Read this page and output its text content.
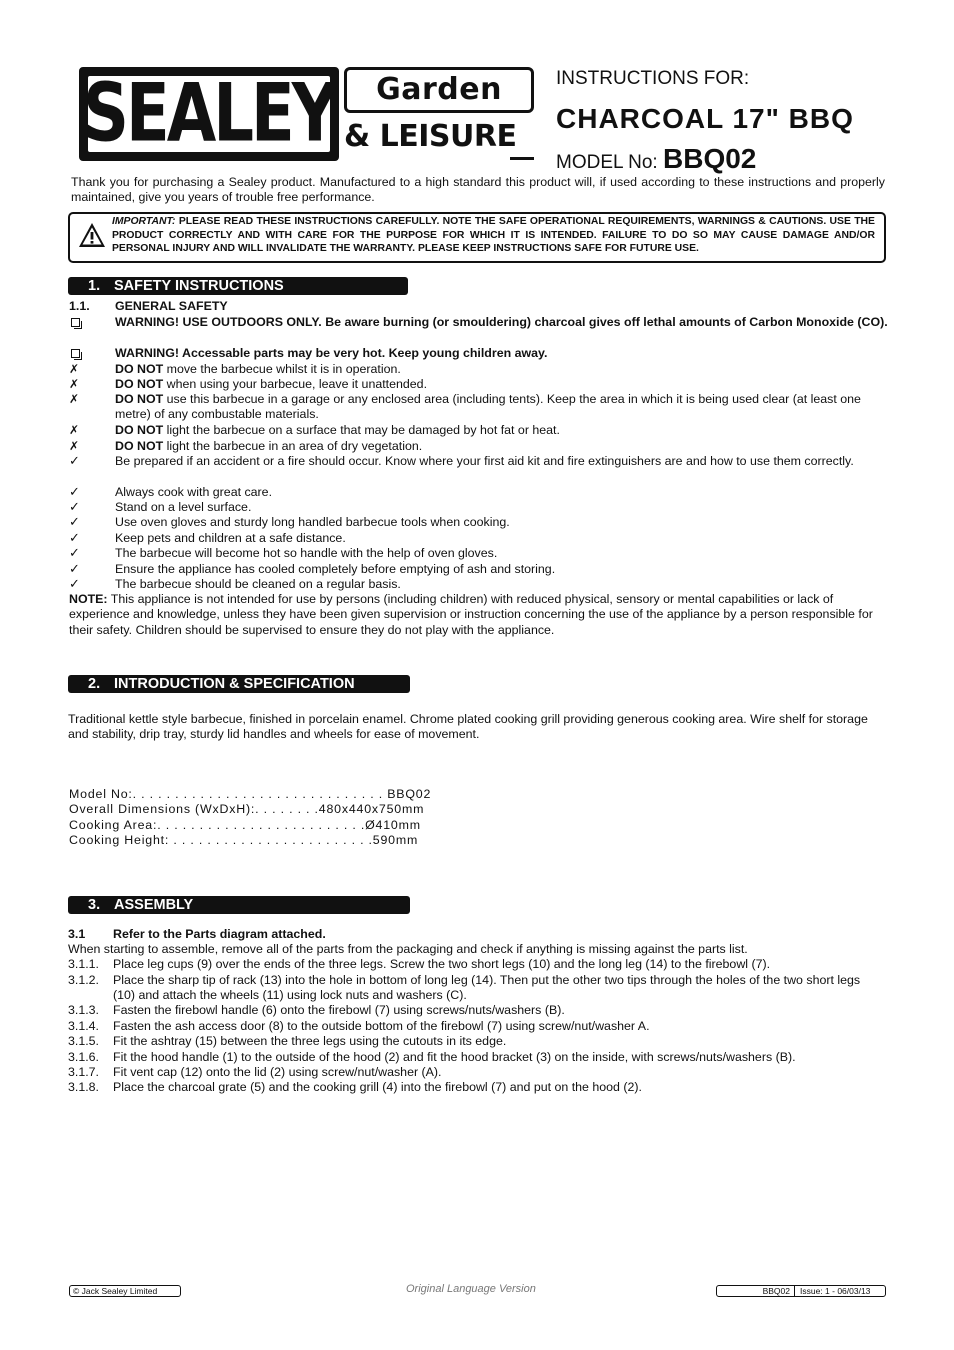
SEALEY Garden
& LEISURE
INSTRUCTIONS FOR:
CHARCOAL 17" BBQ
MODEL No: BBQ02
Thank you for purchasing a Sealey product. Manufactured to a high standard this product will, if used according to these instructions and properly maintained, give you years of trouble free performance.
IMPORTANT: PLEASE READ THESE INSTRUCTIONS CAREFULLY. NOTE THE SAFE OPERATIONAL REQUIREMENTS, WARNINGS & CAUTIONS. USE THE PRODUCT CORRECTLY AND WITH CARE FOR THE PURPOSE FOR WHICH IT IS INTENDED. FAILURE TO DO SO MAY CAUSE DAMAGE AND/OR PERSONAL INJURY AND WILL INVALIDATE THE WARRANTY. PLEASE KEEP INSTRUCTIONS SAFE FOR FUTURE USE.
1. SAFETY INSTRUCTIONS
1.1.	GENERAL SAFETY
WARNING! USE OUTDOORS ONLY. Be aware burning (or smouldering) charcoal gives off lethal amounts of Carbon Monoxide (CO).
WARNING! Accessable parts may be very hot. Keep young children away.
✗	DO NOT move the barbecue whilst it is in operation.
✗	DO NOT when using your barbecue, leave it unattended.
✗	DO NOT use this barbecue in a garage or any enclosed area (including tents). Keep the area in which it is being used clear (at least one metre) of any combustable materials.
✗	DO NOT light the barbecue on a surface that may be damaged by hot fat or heat.
✗	DO NOT light the barbecue in an area of dry vegetation.
✓	Be prepared if an accident or a fire should occur. Know where your first aid kit and fire extinguishers are and how to use them correctly.
✓	Always cook with great care.
✓	Stand on a level surface.
✓	Use oven gloves and sturdy long handled barbecue tools when cooking.
✓	Keep pets and children at a safe distance.
✓	The barbecue will become hot so handle with the help of oven gloves.
✓	Ensure the appliance has cooled completely before emptying of ash and storing.
✓	The barbecue should be cleaned on a regular basis.
NOTE: This appliance is not intended for use by persons (including children) with reduced physical, sensory or mental capabilities or lack of experience and knowledge, unless they have been given supervision or instruction concerning the use of the appliance by a person responsible for their safety. Children should be supervised to ensure they do not play with the appliance.
2. INTRODUCTION & SPECIFICATION
Traditional kettle style barbecue, finished in porcelain enamel. Chrome plated cooking grill providing generous cooking area. Wire shelf for storage and stability, drip tray, sturdy lid handles and wheels for ease of movement.
Model No:. . . . . . . . . . . . . . . . . . . . . . . . . . . . . . BBQ02
Overall Dimensions (WxDxH):. . . . . . . .480x440x750mm
Cooking Area:. . . . . . . . . . . . . . . . . . . . . . . . .Ø410mm
Cooking Height: . . . . . . . . . . . . . . . . . . . . . . . .590mm
3. ASSEMBLY
3.1	Refer to the Parts diagram attached.
When starting to assemble, remove all of the parts from the packaging and check if anything is missing against the parts list.
3.1.1.	Place leg cups (9) over the ends of the three legs. Screw the two short legs (10) and the long leg (14) to the firebowl (7).
3.1.2.	Place the sharp tip of rack (13) into the hole in bottom of long leg (14). Then put the other two tips through the holes of the two short legs (10) and attach the wheels (11) using lock nuts and washers (C).
3.1.3.	Fasten the firebowl handle (6) onto the firebowl (7) using screws/nuts/washers (B).
3.1.4.	Fasten the ash access door (8) to the outside bottom of the firebowl (7) using screw/nut/washer A.
3.1.5.	Fit the ashtray (15) between the three legs using the cutouts in its edge.
3.1.6.	Fit the hood handle (1) to the outside of the hood (2) and fit the hood bracket (3) on the inside, with screws/nuts/washers (B).
3.1.7.	Fit vent cap (12) onto the lid (2) using screw/nut/washer (A).
3.1.8.	Place the charcoal grate (5) and the cooking grill (4) into the firebowl (7) and put on the hood (2).
© Jack Sealey Limited	Original Language Version	BBQ02	Issue: 1 - 06/03/13
